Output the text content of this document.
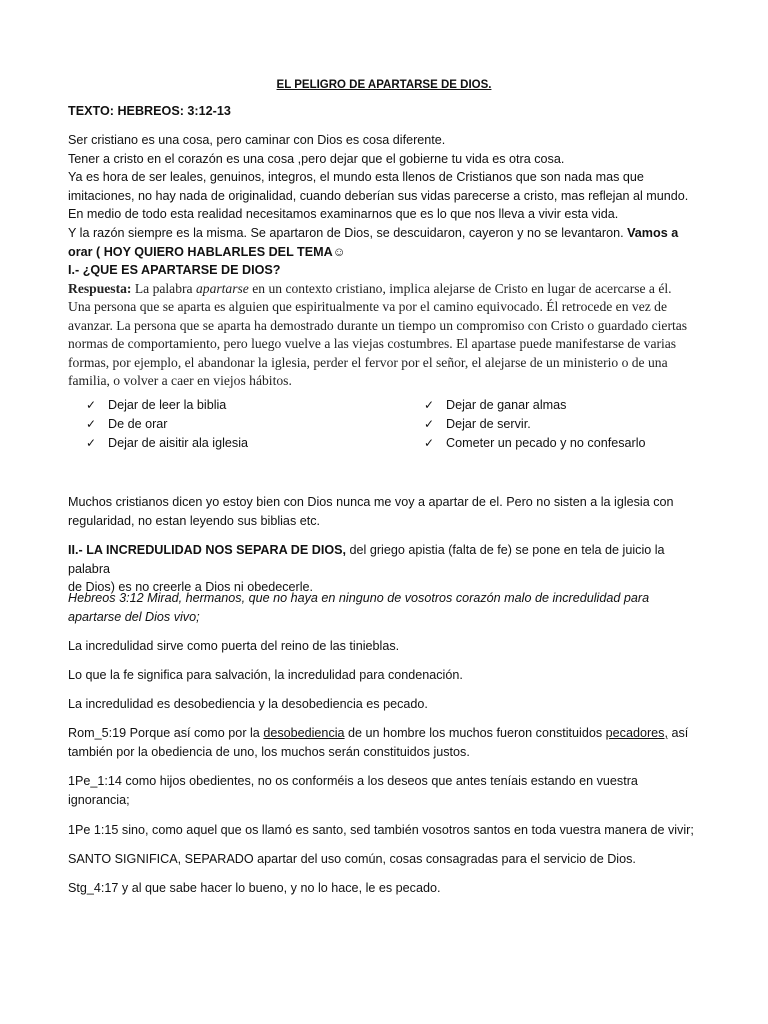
EL PELIGRO DE APARTARSE DE DIOS.
TEXTO: HEBREOS: 3:12-13
Ser cristiano es una cosa, pero caminar con Dios es cosa diferente.
Tener a cristo en el corazón es una cosa ,pero dejar que el gobierne tu vida es otra cosa.
Ya es hora de ser leales, genuinos, integros, el mundo esta llenos de Cristianos que son nada mas que
imitaciones, no hay nada de originalidad, cuando deberían sus vidas parecerse a cristo, mas reflejan al mundo.
En medio de todo esta realidad necesitamos examinarnos que es lo que nos lleva a vivir esta vida.
Y la razón siempre es la misma. Se apartaron de Dios, se descuidaron, cayeron y no se levantaron. Vamos a
orar ( HOY QUIERO HABLARLES DEL TEMA☺
I.- ¿QUE ES APARTARSE DE DIOS?
Respuesta: La palabra apartarse en un contexto cristiano, implica alejarse de Cristo en lugar de acercarse a él.
Una persona que se aparta es alguien que espiritualmente va por el camino equivocado. Él retrocede en vez de
avanzar. La persona que se aparta ha demostrado durante un tiempo un compromiso con Cristo o guardado ciertas
normas de comportamiento, pero luego vuelve a las viejas costumbres. El apartase puede manifestarse de varias
formas, por ejemplo, el abandonar la iglesia, perder el fervor por el señor, el alejarse de un ministerio o de una
familia, o volver a caer en viejos hábitos.
✓ Dejar de leer la biblia
✓ De de orar
✓ Dejar de aisitir ala iglesia
✓ Dejar de ganar almas
✓ Dejar de servir.
✓ Cometer un pecado y no confesarlo
Muchos cristianos dicen yo estoy bien con Dios nunca me voy a apartar de el. Pero no sisten a la iglesia con
regularidad, no estan leyendo sus biblias etc.
II.- LA INCREDULIDAD NOS SEPARA DE DIOS, del griego apistia (falta de fe) se pone en tela de juicio la palabra
de Dios) es no creerle a Dios ni obedecerle.
Hebreos 3:12 Mirad, hermanos, que no haya en ninguno de vosotros corazón malo de incredulidad para
apartarse del Dios vivo;
La incredulidad sirve como puerta del reino de las tinieblas.
Lo que la fe significa para salvación, la incredulidad para condenación.
La incredulidad es desobediencia y la desobediencia es pecado.
Rom_5:19 Porque así como por la desobediencia de un hombre los muchos fueron constituidos pecadores, así
también por la obediencia de uno, los muchos serán constituidos justos.
1Pe_1:14 como hijos obedientes, no os conforméis a los deseos que antes teníais estando en vuestra
ignorancia;
1Pe 1:15 sino, como aquel que os llamó es santo, sed también vosotros santos en toda vuestra manera de vivir;
SANTO SIGNIFICA, SEPARADO apartar del uso común, cosas consagradas para el servicio de Dios.
Stg_4:17 y al que sabe hacer lo bueno, y no lo hace, le es pecado.
